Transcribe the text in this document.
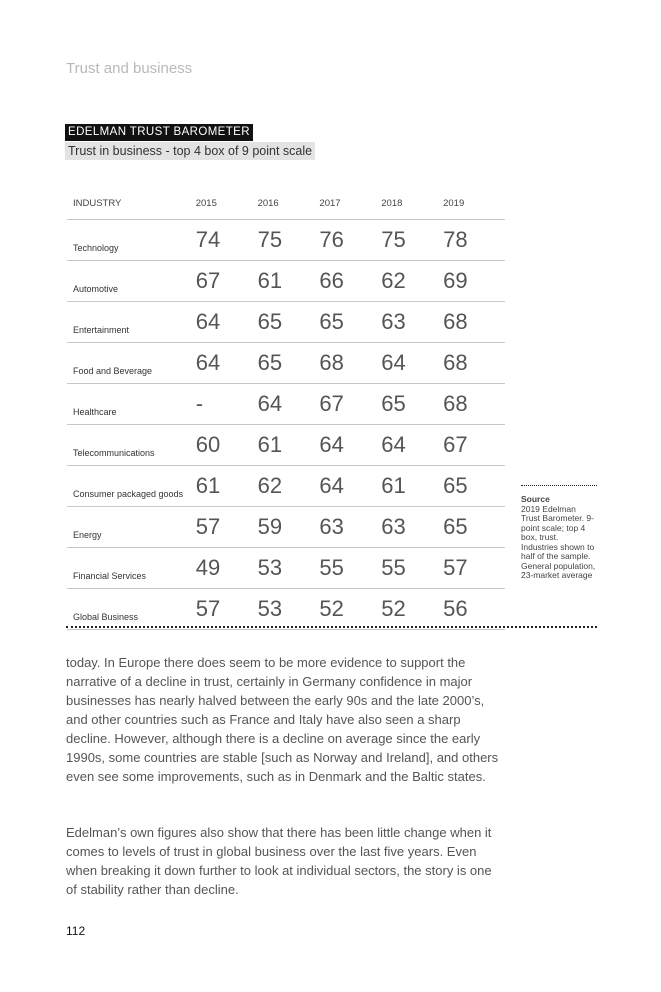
Trust and business
EDELMAN TRUST BAROMETER
Trust in business - top 4 box of 9 point scale
INDUSTRY	2015	2016	2017	2018	2019
Technology	74	75	76	75	78
Automotive	67	61	66	62	69
Entertainment	64	65	65	63	68
Food and Beverage	64	65	68	64	68
Healthcare	-	64	67	65	68
Telecommunications	60	61	64	64	67
Consumer packaged goods	61	62	64	61	65
Energy	57	59	63	63	65
Financial Services	49	53	55	55	57
Global Business	57	53	52	52	56
Source
2019 Edelman Trust Barometer. 9-point scale; top 4 box, trust. Industries shown to half of the sample. General population, 23-market average
today. In Europe there does seem to be more evidence to support the narrative of a decline in trust, certainly in Germany confidence in major businesses has nearly halved between the early 90s and the late 2000’s, and other countries such as France and Italy have also seen a sharp decline. However, although there is a decline on average since the early 1990s, some countries are stable [such as Norway and Ireland], and others even see some improvements, such as in Denmark and the Baltic states.
Edelman’s own figures also show that there has been little change when it comes to levels of trust in global business over the last five years. Even when breaking it down further to look at individual sectors, the story is one of stability rather than decline.
112
